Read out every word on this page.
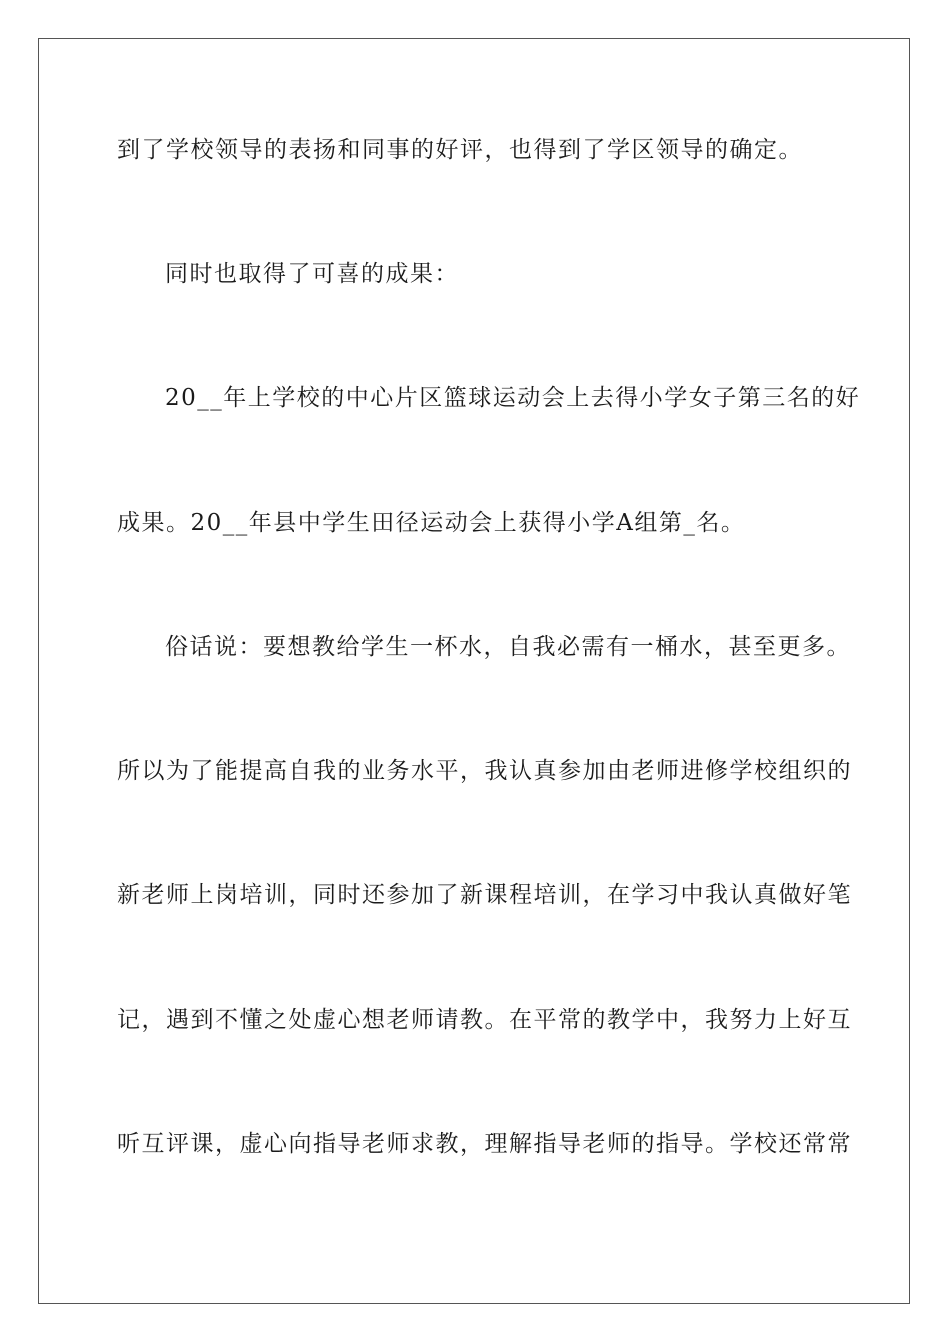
到了学校领导的表扬和同事的好评，也得到了学区领导的确定。

同时也取得了可喜的成果：

20__年上学校的中心片区篮球运动会上去得小学女子第三名的好

成果。20__年县中学生田径运动会上获得小学A组第_名。

俗话说：要想教给学生一杯水，自我必需有一桶水，甚至更多。

所以为了能提高自我的业务水平，我认真参加由老师进修学校组织的

新老师上岗培训，同时还参加了新课程培训，在学习中我认真做好笔

记，遇到不懂之处虚心想老师请教。在平常的教学中，我努力上好互

听互评课，虚心向指导老师求教，理解指导老师的指导。学校还常常
